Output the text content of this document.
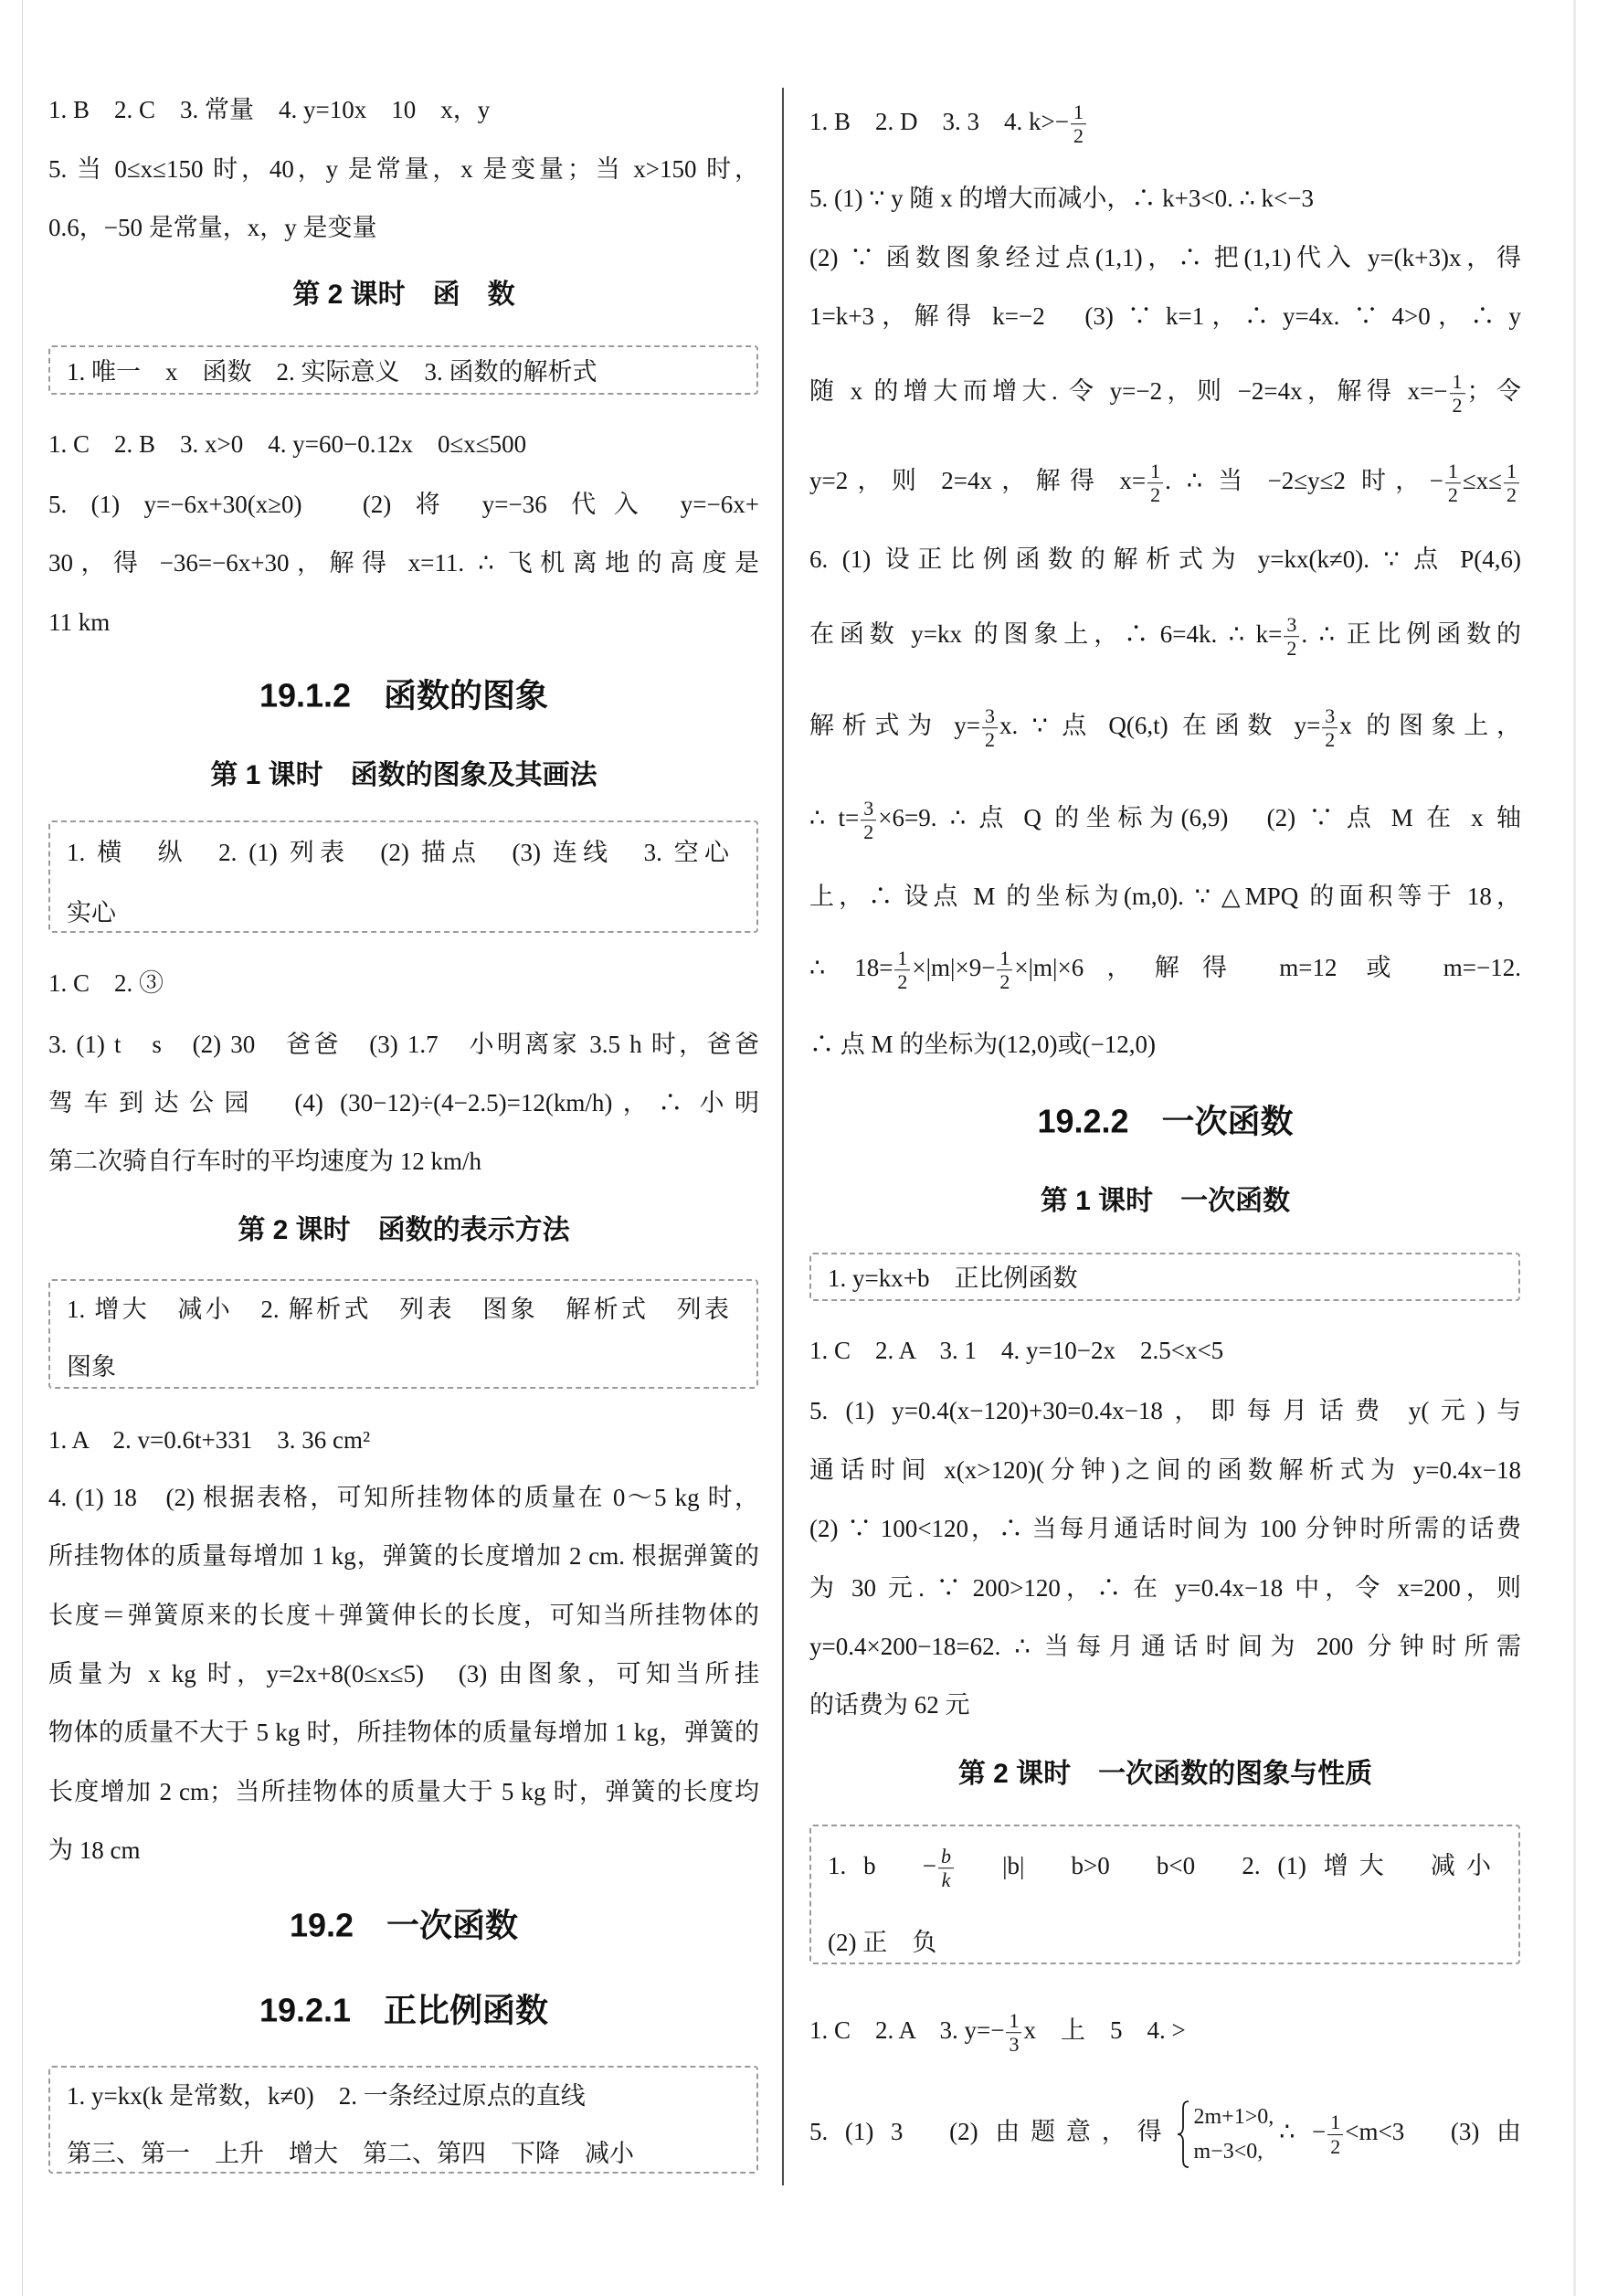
1. B　2. C　3. 常量　4. y=10x　10　x，y
5. 当 0≤x≤150 时，40，y 是常量，x 是变量；当 x>150 时，
0.6，−50 是常量，x，y 是变量
第 2 课时　函　数
1. 唯一　x　函数　2. 实际意义　3. 函数的解析式
1. C　2. B　3. x>0　4. y=60−0.12x　0≤x≤500
5. (1) y=−6x+30(x≥0)　(2) 将 y=−36 代入 y=−6x+
30，得 −36=−6x+30，解得 x=11. ∴ 飞机离地的高度是
11 km
19.1.2　函数的图象
第 1 课时　函数的图象及其画法
1. 横　纵　2. (1) 列表　(2) 描点　(3) 连线　3. 空心
实心
1. C　2. ③
3. (1) t　s　(2) 30　爸爸　(3) 1.7　小明离家 3.5 h 时，爸爸
驾车到达公园　(4) (30−12)÷(4−2.5)=12(km/h)，∴ 小明
第二次骑自行车时的平均速度为 12 km/h
第 2 课时　函数的表示方法
1. 增大　减小　2. 解析式　列表　图象　解析式　列表
图象
1. A　2. v=0.6t+331　3. 36 cm²
4. (1) 18　(2) 根据表格，可知所挂物体的质量在 0～5 kg 时，
所挂物体的质量每增加 1 kg，弹簧的长度增加 2 cm. 根据弹簧的
长度＝弹簧原来的长度＋弹簧伸长的长度，可知当所挂物体的
质量为 x kg 时，y=2x+8(0≤x≤5)　(3) 由图象，可知当所挂
物体的质量不大于 5 kg 时，所挂物体的质量每增加 1 kg，弹簧的
长度增加 2 cm；当所挂物体的质量大于 5 kg 时，弹簧的长度均
为 18 cm
19.2　一次函数
19.2.1　正比例函数
1. y=kx(k 是常数，k≠0)　2. 一条经过原点的直线
第三、第一　上升　增大　第二、第四　下降　减小
1. B　2. D　3. 3　4. $k>- \frac{1}{2}$
5. (1) ∵ y 随 x 的增大而减小，∴ k+3<0. ∴ k<−3
(2) ∵ 函数图象经过点(1,1)，∴ 把(1,1)代入 y=(k+3)x，得
1=k+3，解得 k=−2　(3) ∵ k=1，∴ y=4x. ∵ 4>0，∴ y
随 x 的增大而增大. 令 y=−2，则 −2=4x，解得 $x=- \frac{1}{2}$ ；令
y=2，则 2=4x，解得 $x= \frac{1}{2}$ . ∴ 当 −2≤y≤2 时，− $\frac{1}{2} \le x\le \frac{1}{2}$
6. (1) 设正比例函数的解析式为 y=kx(k≠0). ∵ 点 P(4,6)
在函数 y=kx 的图象上，∴ 6=4k. ∴ $k= \frac{3}{2}$ . ∴ 正比例函数的
解析式为 $y= \frac{3}{2} x$. ∵ 点 Q(6,t) 在函数 $y= \frac{3}{2}$ x 的图象上，
∴ $t= \frac{3}{2} \times 6=9$. ∴ 点 Q 的坐标为(6,9)　(2) ∵ 点 M 在 x 轴
上，∴ 设点 M 的坐标为(m,0). ∵ △MPQ 的面积等于 18，
∴ $18= \frac{1}{2} \times|m|\times 9- \frac{1}{2} \times|m|\times 6$，解得 m=12 或 m=−12.
∴ 点 M 的坐标为(12,0)或(−12,0)
19.2.2　一次函数
第 1 课时　一次函数
1. y=kx+b　正比例函数
1. C　2. A　3. 1　4. y=10−2x　2.5<x<5
5. (1) y=0.4(x−120)+30=0.4x−18，即每月话费 y(元)与
通话时间 x(x>120)(分钟)之间的函数解析式为 y=0.4x−18
(2) ∵ 100<120，∴ 当每月通话时间为 100 分钟时所需的话费
为 30 元. ∵ 200>120，∴ 在 y=0.4x−18 中，令 x=200，则
y=0.4×200−18=62. ∴ 当每月通话时间为 200 分钟时所需
的话费为 62 元
第 2 课时　一次函数的图象与性质
1. b　− $\frac{b}{k}$ 　|b|　b>0　b<0　2. (1) 增大　减小
(2) 正　负
1. C　2. A　3. $y=- \frac{1}{3}$ x　上　5　4. >
5. (1) 3　(2) 由题意，得
2m+1>0,
m−3<0,
∴ − $\frac{1}{2} <m<3$　(3) 由
